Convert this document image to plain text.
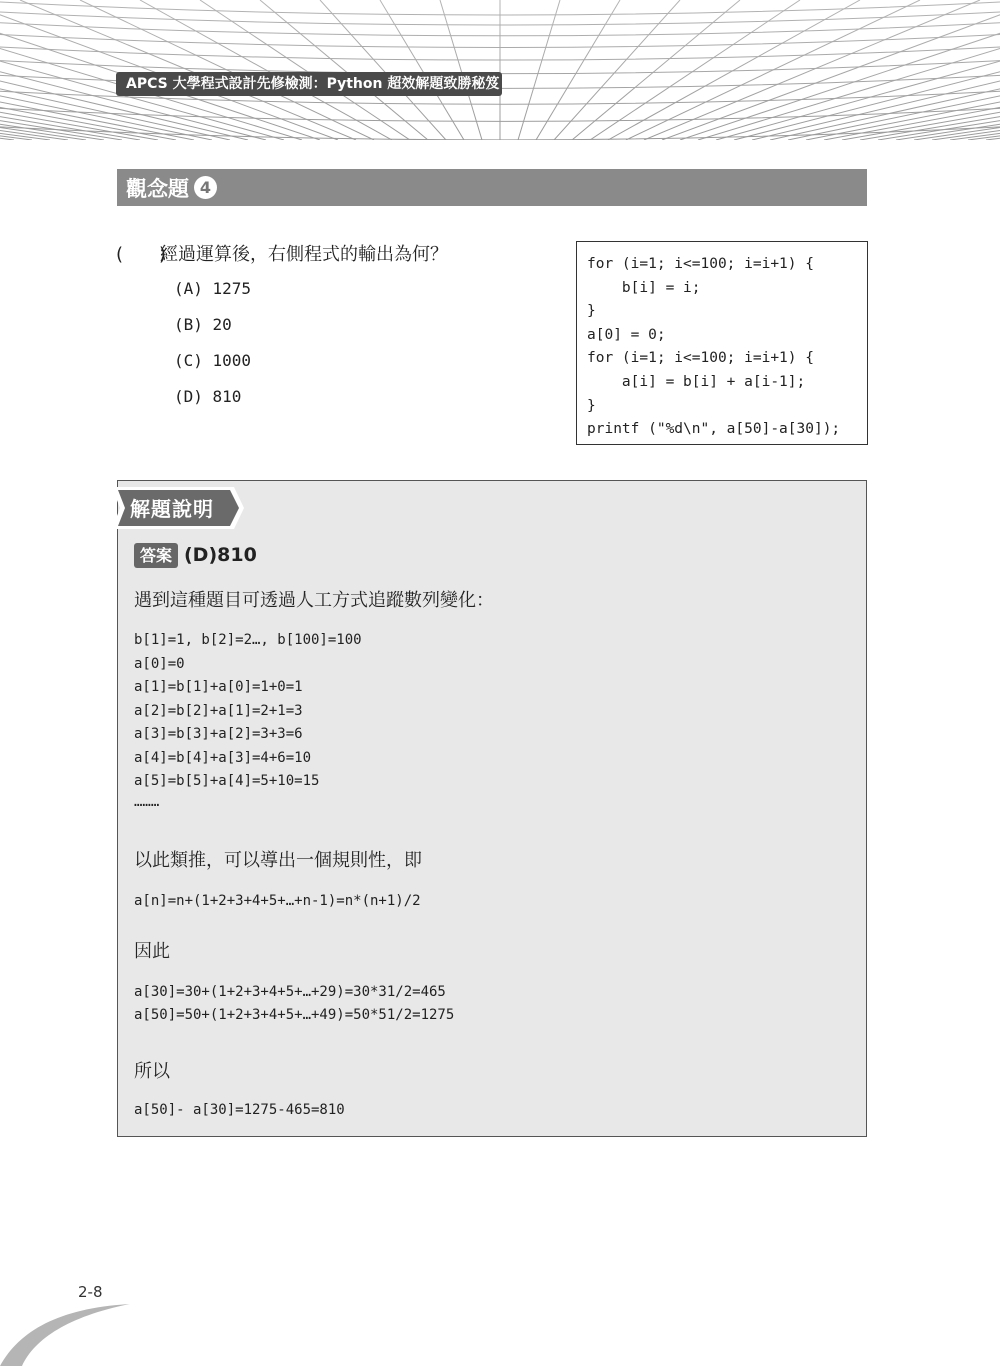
APCS 大學程式設計先修檢測：Python 超效解題致勝秘笈
觀念題 4
(　　)
經過運算後，右側程式的輸出為何？
(A) 1275
(B) 20
(C) 1000
(D) 810
for (i=1; i<=100; i=i+1) {
b[i] = i;
}
a[0] = 0;
for (i=1; i<=100; i=i+1) {
a[i] = b[i] + a[i-1];
}
printf ("%d\n", a[50]-a[30]);
解題說明
答案 (D)810
遇到這種題目可透過人工方式追蹤數列變化：
b[1]=1, b[2]=2…, b[100]=100
a[0]=0
a[1]=b[1]+a[0]=1+0=1
a[2]=b[2]+a[1]=2+1=3
a[3]=b[3]+a[2]=3+3=6
a[4]=b[4]+a[3]=4+6=10
a[5]=b[5]+a[4]=5+10=15
………
以此類推，可以導出一個規則性，即
a[n]=n+(1+2+3+4+5+…+n-1)=n*(n+1)/2
因此
a[30]=30+(1+2+3+4+5+…+29)=30*31/2=465
a[50]=50+(1+2+3+4+5+…+49)=50*51/2=1275
所以
a[50]- a[30]=1275-465=810
2-8
